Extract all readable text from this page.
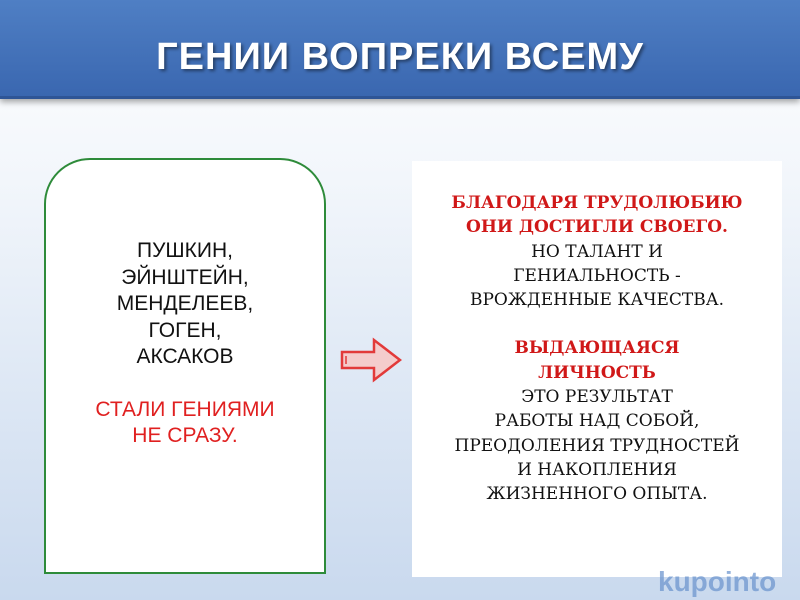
ГЕНИИ ВОПРЕКИ ВСЕМУ
ПУШКИН,
ЭЙНШТЕЙН,
МЕНДЕЛЕЕВ,
ГОГЕН,
АКСАКОВ
СТАЛИ ГЕНИЯМИ
НЕ СРАЗУ.
БЛАГОДАРЯ ТРУДОЛЮБИЮ
ОНИ ДОСТИГЛИ СВОЕГО.
НО ТАЛАНТ И
ГЕНИАЛЬНОСТЬ -
ВРОЖДЕННЫЕ КАЧЕСТВА.
ВЫДАЮЩАЯСЯ
ЛИЧНОСТЬ
ЭТО РЕЗУЛЬТАТ
РАБОТЫ НАД СОБОЙ,
ПРЕОДОЛЕНИЯ ТРУДНОСТЕЙ
И НАКОПЛЕНИЯ
ЖИЗНЕННОГО ОПЫТА.
kupointo
